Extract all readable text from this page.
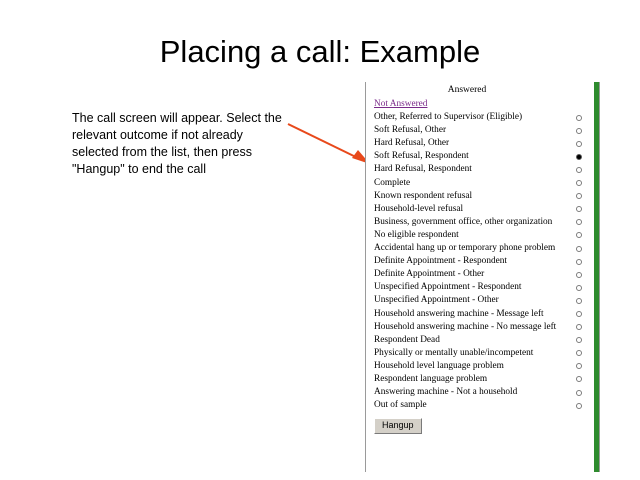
Placing a call: Example
The call screen will appear. Select the relevant outcome if not already selected from the list, then press "Hangup" to end the call
Answered
Not Answered
Other, Referred to Supervisor (Eligible)
Soft Refusal, Other
Hard Refusal, Other
Soft Refusal, Respondent
Hard Refusal, Respondent
Complete
Known respondent refusal
Household-level refusal
Business, government office, other organization
No eligible respondent
Accidental hang up or temporary phone problem
Definite Appointment - Respondent
Definite Appointment - Other
Unspecified Appointment - Respondent
Unspecified Appointment - Other
Household answering machine - Message left
Household answering machine - No message left
Respondent Dead
Physically or mentally unable/incompetent
Household level language problem
Respondent language problem
Answering machine - Not a household
Out of sample
Hangup
